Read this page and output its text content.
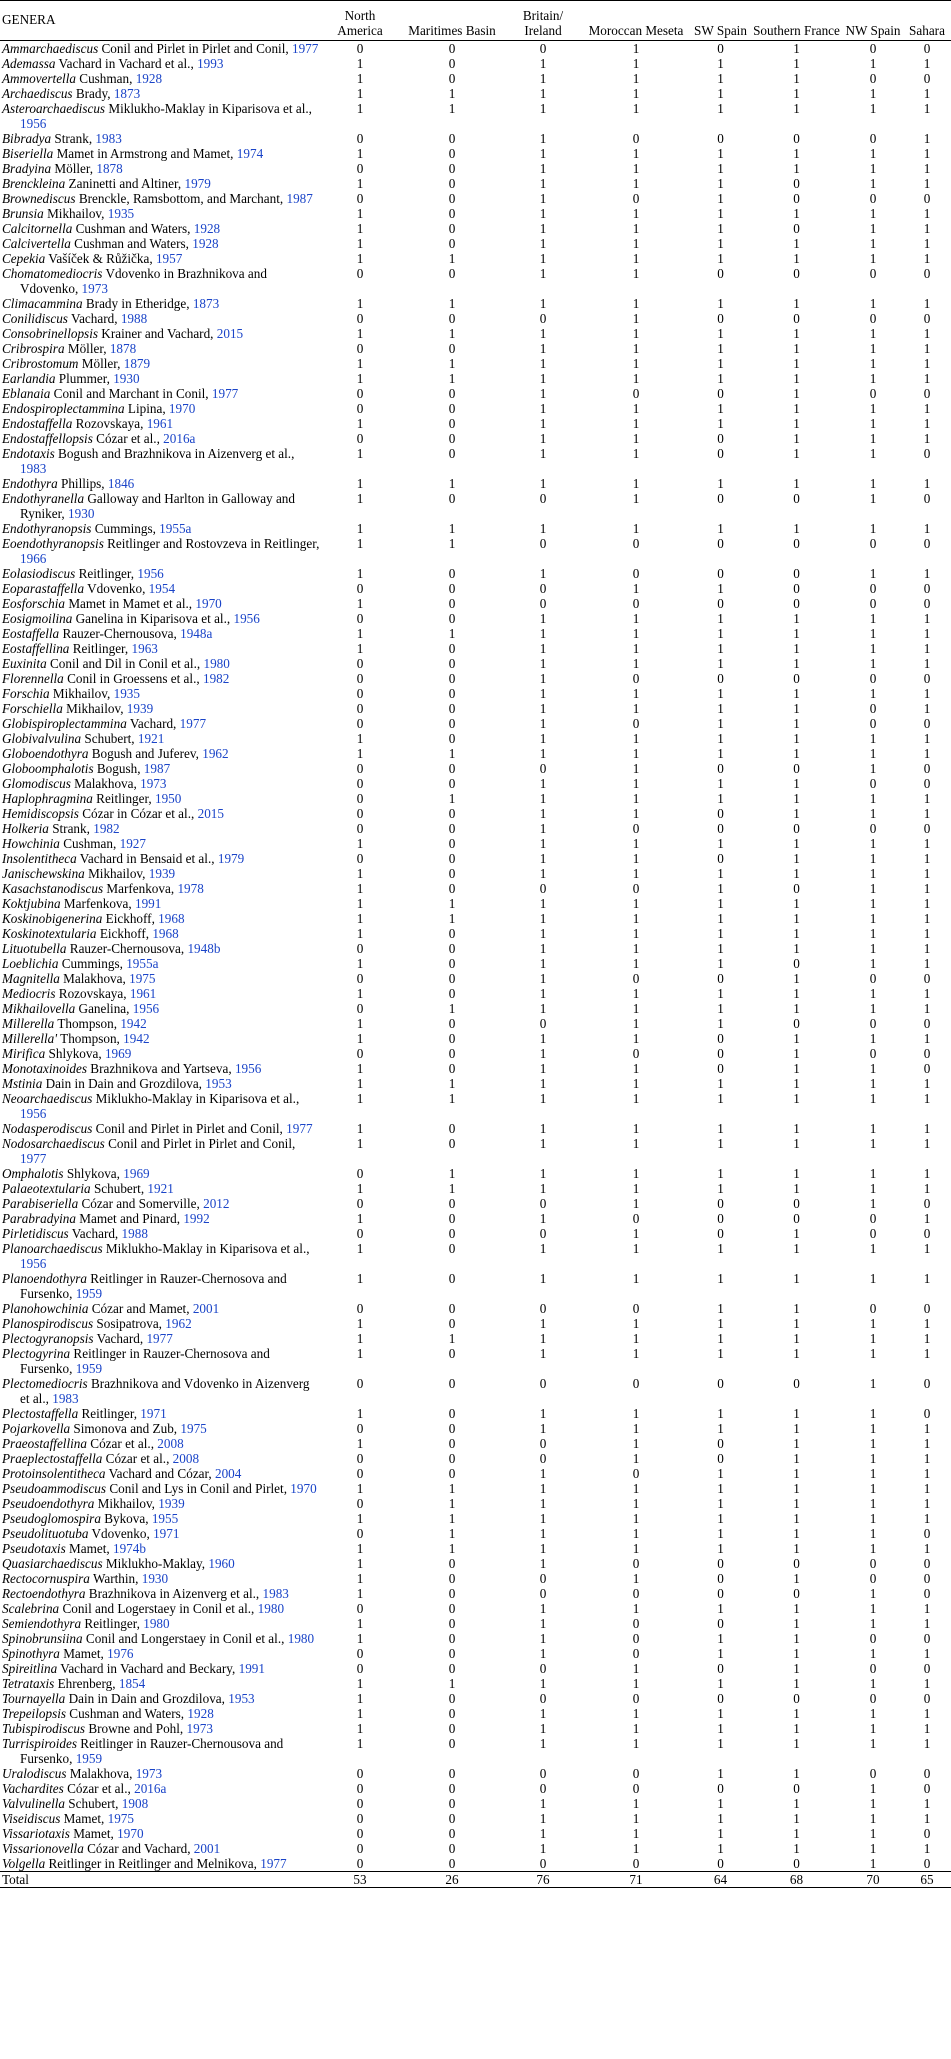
GENERA	North America	Maritimes Basin	Britain/ Ireland	Moroccan Meseta	SW Spain	Southern France	NW Spain	Sahara

Ammarchaediscus Conil and Pirlet in Pirlet and Conil, 1977	0	0	0	1	0	1	0	0

Ademassa Vachard in Vachard et al., 1993	1	0	1	1	1	1	1	1

Ammovertella Cushman, 1928	1	0	1	1	1	1	0	0

Archaediscus Brady, 1873	1	1	1	1	1	1	1	1

Asteroarchaediscus Miklukho-Maklay in Kiparisova et al., 1956	1	1	1	1	1	1	1	1

Bibradya Strank, 1983	0	0	1	0	0	0	0	1

Biseriella Mamet in Armstrong and Mamet, 1974	1	0	1	1	1	1	1	1

Bradyina Möller, 1878	0	0	1	1	1	1	1	1

Brenckleina Zaninetti and Altiner, 1979	1	0	1	1	1	0	1	1

Brownediscus Brenckle, Ramsbottom, and Marchant, 1987	0	0	1	0	1	0	0	0

Brunsia Mikhailov, 1935	1	0	1	1	1	1	1	1

Calcitornella Cushman and Waters, 1928	1	0	1	1	1	0	1	1

Calcivertella Cushman and Waters, 1928	1	0	1	1	1	1	1	1

Cepekia Vašíček & Růžička, 1957	1	1	1	1	1	1	1	1

Chomatomediocris Vdovenko in Brazhnikova and Vdovenko, 1973	0	0	1	1	0	0	0	0

Climacammina Brady in Etheridge, 1873	1	1	1	1	1	1	1	1

Conilidiscus Vachard, 1988	0	0	0	1	0	0	0	0

Consobrinellopsis Krainer and Vachard, 2015	1	1	1	1	1	1	1	1

Cribrospira Möller, 1878	0	0	1	1	1	1	1	1

Cribrostomum Möller, 1879	1	1	1	1	1	1	1	1

Earlandia Plummer, 1930	1	1	1	1	1	1	1	1

Eblanaia Conil and Marchant in Conil, 1977	0	0	1	0	0	1	0	0

Endospiroplectammina Lipina, 1970	0	0	1	1	1	1	1	1

Endostaffella Rozovskaya, 1961	1	0	1	1	1	1	1	1

Endostaffellopsis Cózar et al., 2016a	0	0	1	1	0	1	1	1

Endotaxis Bogush and Brazhnikova in Aizenverg et al., 1983	1	0	1	1	0	1	1	0

Endothyra Phillips, 1846	1	1	1	1	1	1	1	1

Endothyranella Galloway and Harlton in Galloway and Ryniker, 1930	1	0	0	1	0	0	1	0

Endothyranopsis Cummings, 1955a	1	1	1	1	1	1	1	1

Eoendothyranopsis Reitlinger and Rostovzeva in Reitlinger, 1966	1	1	0	0	0	0	0	0

Eolasiodiscus Reitlinger, 1956	1	0	1	0	0	0	1	1

Eoparastaffella Vdovenko, 1954	0	0	0	1	1	0	0	0

Eosforschia Mamet in Mamet et al., 1970	1	0	0	0	0	0	0	0

Eosigmoilina Ganelina in Kiparisova et al., 1956	0	0	1	1	1	1	1	1

Eostaffella Rauzer-Chernousova, 1948a	1	1	1	1	1	1	1	1

Eostaffellina Reitlinger, 1963	1	0	1	1	1	1	1	1

Euxinita Conil and Dil in Conil et al., 1980	0	0	1	1	1	1	1	1

Florennella Conil in Groessens et al., 1982	0	0	1	0	0	0	0	0

Forschia Mikhailov, 1935	0	0	1	1	1	1	1	1

Forschiella Mikhailov, 1939	0	0	1	1	1	1	0	1

Globispiroplectammina Vachard, 1977	0	0	1	0	1	1	0	0

Globivalvulina Schubert, 1921	1	0	1	1	1	1	1	1

Globoendothyra Bogush and Juferev, 1962	1	1	1	1	1	1	1	1

Globoomphalotis Bogush, 1987	0	0	0	1	0	0	1	0

Glomodiscus Malakhova, 1973	0	0	1	1	1	1	0	0

Haplophragmina Reitlinger, 1950	0	1	1	1	1	1	1	1

Hemidiscopsis Cózar in Cózar et al., 2015	0	0	1	1	0	1	1	1

Holkeria Strank, 1982	0	0	1	0	0	0	0	0

Howchinia Cushman, 1927	1	0	1	1	1	1	1	1

Insolentitheca Vachard in Bensaid et al., 1979	0	0	1	1	0	1	1	1

Janischewskina Mikhailov, 1939	1	0	1	1	1	1	1	1

Kasachstanodiscus Marfenkova, 1978	1	0	0	0	1	0	1	1

Koktjubina Marfenkova, 1991	1	1	1	1	1	1	1	1

Koskinobigenerina Eickhoff, 1968	1	1	1	1	1	1	1	1

Koskinotextularia Eickhoff, 1968	1	0	1	1	1	1	1	1

Lituotubella Rauzer-Chernousova, 1948b	0	0	1	1	1	1	1	1

Loeblichia Cummings, 1955a	1	0	1	1	1	0	1	1

Magnitella Malakhova, 1975	0	0	1	0	0	1	0	0

Mediocris Rozovskaya, 1961	1	0	1	1	1	1	1	1

Mikhailovella Ganelina, 1956	0	1	1	1	1	1	1	1

Millerella Thompson, 1942	1	0	0	1	1	0	0	0

Millerella' Thompson, 1942	1	0	1	1	0	1	1	1

Mirifica Shlykova, 1969	0	0	1	0	0	1	0	0

Monotaxinoides Brazhnikova and Yartseva, 1956	1	0	1	1	0	1	1	0

Mstinia Dain in Dain and Grozdilova, 1953	1	1	1	1	1	1	1	1

Neoarchaediscus Miklukho-Maklay in Kiparisova et al., 1956	1	1	1	1	1	1	1	1

Nodasperodiscus Conil and Pirlet in Pirlet and Conil, 1977	1	0	1	1	1	1	1	1

Nodosarchaediscus Conil and Pirlet in Pirlet and Conil, 1977	1	0	1	1	1	1	1	1

Omphalotis Shlykova, 1969	0	1	1	1	1	1	1	1

Palaeotextularia Schubert, 1921	1	1	1	1	1	1	1	1

Parabiseriella Cózar and Somerville, 2012	0	0	0	1	0	0	1	0

Parabradyina Mamet and Pinard, 1992	1	0	1	0	0	0	0	1

Pirletidiscus Vachard, 1988	0	0	0	1	0	1	0	0

Planoarchaediscus Miklukho-Maklay in Kiparisova et al., 1956	1	0	1	1	1	1	1	1

Planoendothyra Reitlinger in Rauzer-Chernosova and Fursenko, 1959	1	0	1	1	1	1	1	1

Planohowchinia Cózar and Mamet, 2001	0	0	0	0	1	1	0	0

Planospirodiscus Sosipatrova, 1962	1	0	1	1	1	1	1	1

Plectogyranopsis Vachard, 1977	1	1	1	1	1	1	1	1

Plectogyrina Reitlinger in Rauzer-Chernosova and Fursenko, 1959	1	0	1	1	1	1	1	1

Plectomediocris Brazhnikova and Vdovenko in Aizenverg et al., 1983	0	0	0	0	0	0	1	0

Plectostaffella Reitlinger, 1971	1	0	1	1	1	1	1	0

Pojarkovella Simonova and Zub, 1975	0	0	1	1	1	1	1	1

Praeostaffellina Cózar et al., 2008	1	0	0	1	0	1	1	1

Praeplectostaffella Cózar et al., 2008	0	0	0	1	0	1	1	1

Protoinsolentitheca Vachard and Cózar, 2004	0	0	1	0	1	1	1	1

Pseudoammodiscus Conil and Lys in Conil and Pirlet, 1970	1	1	1	1	1	1	1	1

Pseudoendothyra Mikhailov, 1939	0	1	1	1	1	1	1	1

Pseudoglomospira Bykova, 1955	1	1	1	1	1	1	1	1

Pseudolituotuba Vdovenko, 1971	0	1	1	1	1	1	1	0

Pseudotaxis Mamet, 1974b	1	1	1	1	1	1	1	1

Quasiarchaediscus Miklukho-Maklay, 1960	1	0	1	0	0	0	0	0

Rectocornuspira Warthin, 1930	1	0	0	1	0	1	0	0

Rectoendothyra Brazhnikova in Aizenverg et al., 1983	1	0	0	0	0	0	1	0

Scalebrina Conil and Logerstaey in Conil et al., 1980	0	0	1	1	1	1	1	1

Semiendothyra Reitlinger, 1980	1	0	1	0	0	1	1	1

Spinobrunsiina Conil and Longerstaey in Conil et al., 1980	1	0	1	0	1	1	0	0

Spinothyra Mamet, 1976	0	0	1	0	1	1	1	1

Spireitlina Vachard in Vachard and Beckary, 1991	0	0	0	1	0	1	0	0

Tetrataxis Ehrenberg, 1854	1	1	1	1	1	1	1	1

Tournayella Dain in Dain and Grozdilova, 1953	1	0	0	0	0	0	0	0

Trepeilopsis Cushman and Waters, 1928	1	0	1	1	1	1	1	1

Tubispirodiscus Browne and Pohl, 1973	1	0	1	1	1	1	1	1

Turrispiroides Reitlinger in Rauzer-Chernousova and Fursenko, 1959	1	0	1	1	1	1	1	1

Uralodiscus Malakhova, 1973	0	0	0	0	1	1	0	0

Vachardites Cózar et al., 2016a	0	0	0	0	0	0	1	0

Valvulinella Schubert, 1908	0	0	1	1	1	1	1	1

Viseidiscus Mamet, 1975	0	0	1	1	1	1	1	1

Vissariotaxis Mamet, 1970	0	0	1	1	1	1	1	0

Vissarionovella Cózar and Vachard, 2001	0	0	1	1	1	1	1	1

Volgella Reitlinger in Reitlinger and Melnikova, 1977	0	0	0	0	0	0	1	0
Total	53	26	76	71	64	68	70	65
